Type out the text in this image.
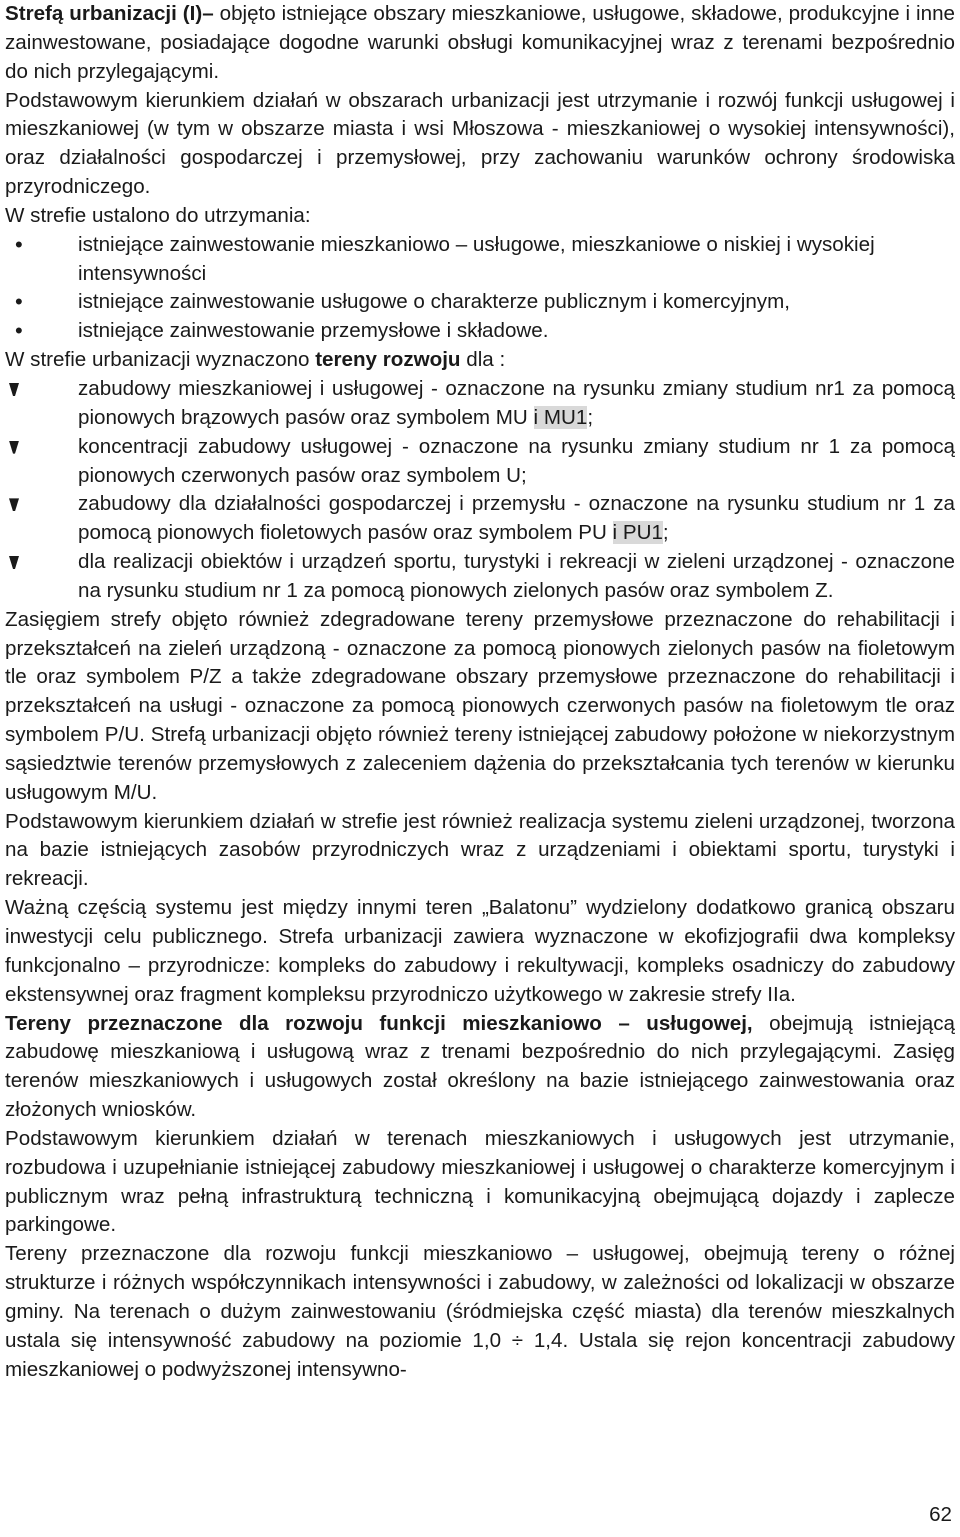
Strefą urbanizacji (I)– objęto istniejące obszary mieszkaniowe, usługowe, składowe, produkcyjne i inne zainwestowane, posiadające dogodne warunki obsługi komunikacyjnej wraz z terenami bezpośrednio do nich przylegającymi.

Podstawowym kierunkiem działań w obszarach urbanizacji jest utrzymanie i rozwój funkcji usługowej i mieszkaniowej (w tym w obszarze miasta i wsi Młoszowa - mieszkaniowej o wysokiej intensywności), oraz działalności gospodarczej i przemysłowej, przy zachowaniu warunków ochrony środowiska przyrodniczego.

W strefie ustalono do utrzymania:

•	istniejące zainwestowanie mieszkaniowo – usługowe, mieszkaniowe o niskiej i wysokiej intensywności
•	istniejące zainwestowanie usługowe o charakterze publicznym i komercyjnym,
•	istniejące zainwestowanie przemysłowe i składowe.

W strefie urbanizacji wyznaczono tereny rozwoju dla :

zabudowy mieszkaniowej i usługowej - oznaczone na rysunku zmiany studium nr1 za pomocą pionowych brązowych pasów oraz symbolem MU i MU1;
koncentracji zabudowy usługowej - oznaczone na rysunku zmiany studium nr 1 za pomocą pionowych czerwonych pasów oraz symbolem U;
zabudowy dla działalności gospodarczej i przemysłu - oznaczone na rysunku studium nr 1 za pomocą pionowych fioletowych pasów oraz symbolem PU i PU1;
dla realizacji obiektów i urządzeń sportu, turystyki i rekreacji w zieleni urządzonej - oznaczone na rysunku studium nr 1 za pomocą pionowych zielonych pasów oraz symbolem Z.

Zasięgiem strefy objęto również zdegradowane tereny przemysłowe przeznaczone do rehabilitacji i przekształceń na zieleń urządzoną - oznaczone za pomocą pionowych zielonych pasów na fioletowym tle oraz symbolem P/Z a także zdegradowane obszary przemysłowe przeznaczone do rehabilitacji i przekształceń na usługi - oznaczone za pomocą pionowych czerwonych pasów na fioletowym tle oraz symbolem P/U. Strefą urbanizacji objęto również tereny istniejącej zabudowy położone w niekorzystnym sąsiedztwie terenów przemysłowych z zaleceniem dążenia do przekształcania tych terenów w kierunku usługowym M/U.

Podstawowym kierunkiem działań w strefie jest również realizacja systemu zieleni urządzonej, tworzona na bazie istniejących zasobów przyrodniczych wraz z urządzeniami i obiektami sportu, turystyki i rekreacji.

Ważną częścią systemu jest między innymi teren „Balatonu” wydzielony dodatkowo granicą obszaru inwestycji celu publicznego. Strefa urbanizacji zawiera wyznaczone w ekofizjografii dwa kompleksy funkcjonalno – przyrodnicze: kompleks do zabudowy i rekultywacji, kompleks osadniczy do zabudowy ekstensywnej oraz fragment kompleksu przyrodniczo użytkowego w zakresie strefy IIa.

Tereny przeznaczone dla rozwoju funkcji mieszkaniowo – usługowej, obejmują istniejącą zabudowę mieszkaniową i usługową wraz z trenami bezpośrednio do nich przylegającymi. Zasięg terenów mieszkaniowych i usługowych został określony na bazie istniejącego zainwestowania oraz złożonych wniosków.

Podstawowym kierunkiem działań w terenach mieszkaniowych i usługowych jest utrzymanie, rozbudowa i uzupełnianie istniejącej zabudowy mieszkaniowej i usługowej o charakterze komercyjnym i publicznym wraz pełną infrastrukturą techniczną i komunikacyjną obejmującą dojazdy i zaplecze parkingowe.

Tereny przeznaczone dla rozwoju funkcji mieszkaniowo – usługowej, obejmują tereny o różnej strukturze i różnych współczynnikach intensywności i zabudowy, w zależności od lokalizacji w obszarze gminy. Na terenach o dużym zainwestowaniu (śródmiejska część miasta) dla terenów mieszkalnych ustala się intensywność zabudowy na poziomie 1,0 ÷ 1,4. Ustala się rejon koncentracji zabudowy mieszkaniowej o podwyższonej intensywno-

62
